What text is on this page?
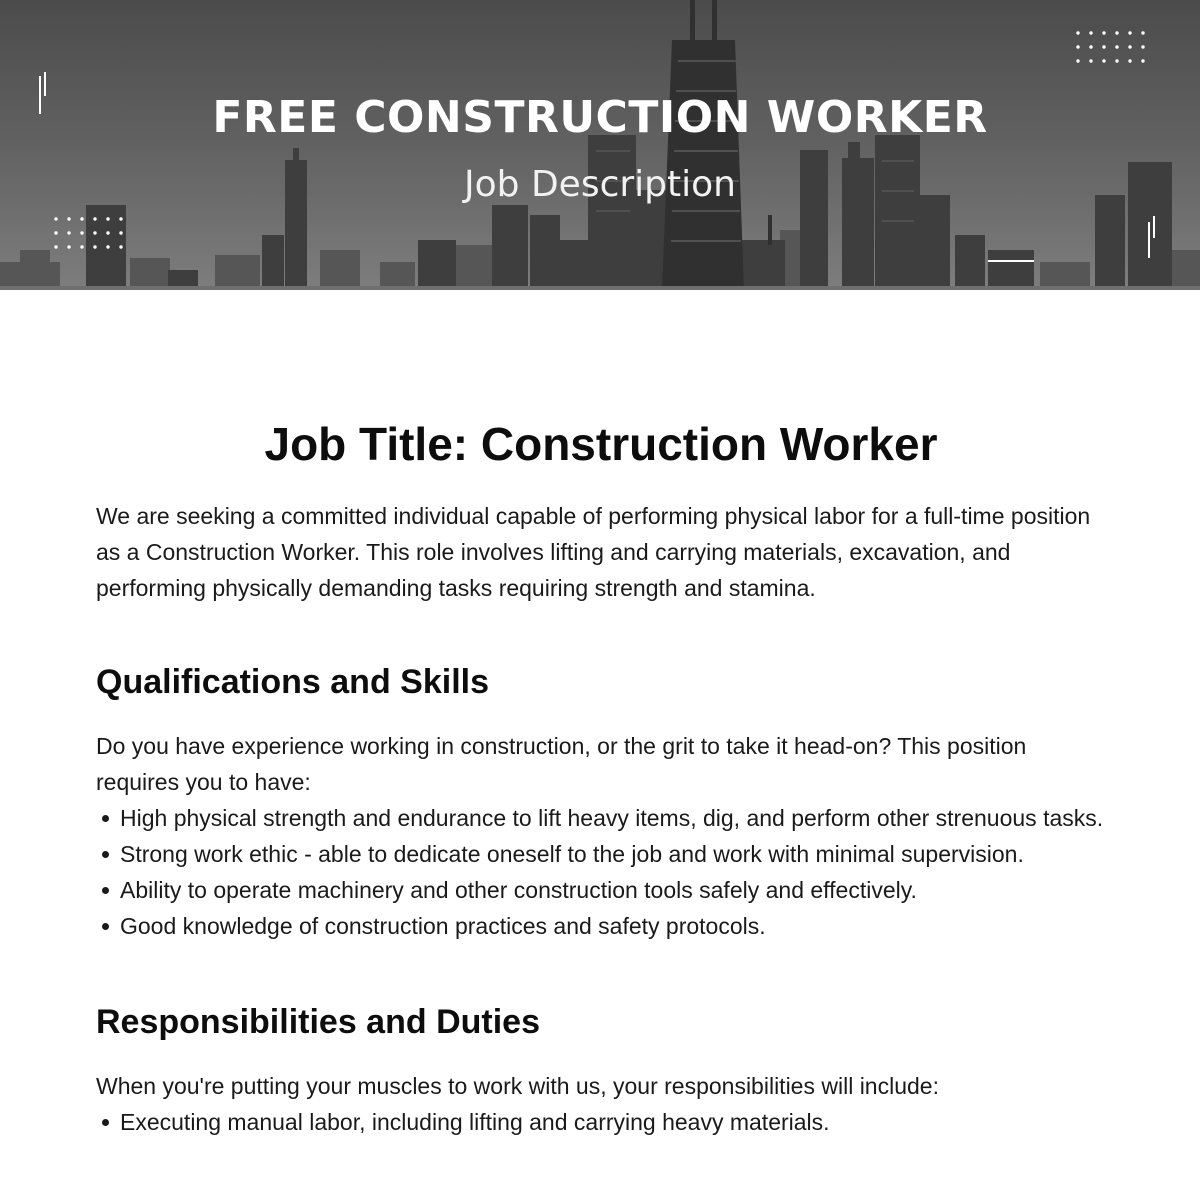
FREE CONSTRUCTION WORKER
Job Description
Job Title: Construction Worker

We are seeking a committed individual capable of performing physical labor for a full-time position as a Construction Worker. This role involves lifting and carrying materials, excavation, and performing physically demanding tasks requiring strength and stamina.

Qualifications and Skills

Do you have experience working in construction, or the grit to take it head-on? This position requires you to have:

High physical strength and endurance to lift heavy items, dig, and perform other strenuous tasks.
Strong work ethic - able to dedicate oneself to the job and work with minimal supervision.
Ability to operate machinery and other construction tools safely and effectively.
Good knowledge of construction practices and safety protocols.
Responsibilities and Duties

When you're putting your muscles to work with us, your responsibilities will include:

Executing manual labor, including lifting and carrying heavy materials.
